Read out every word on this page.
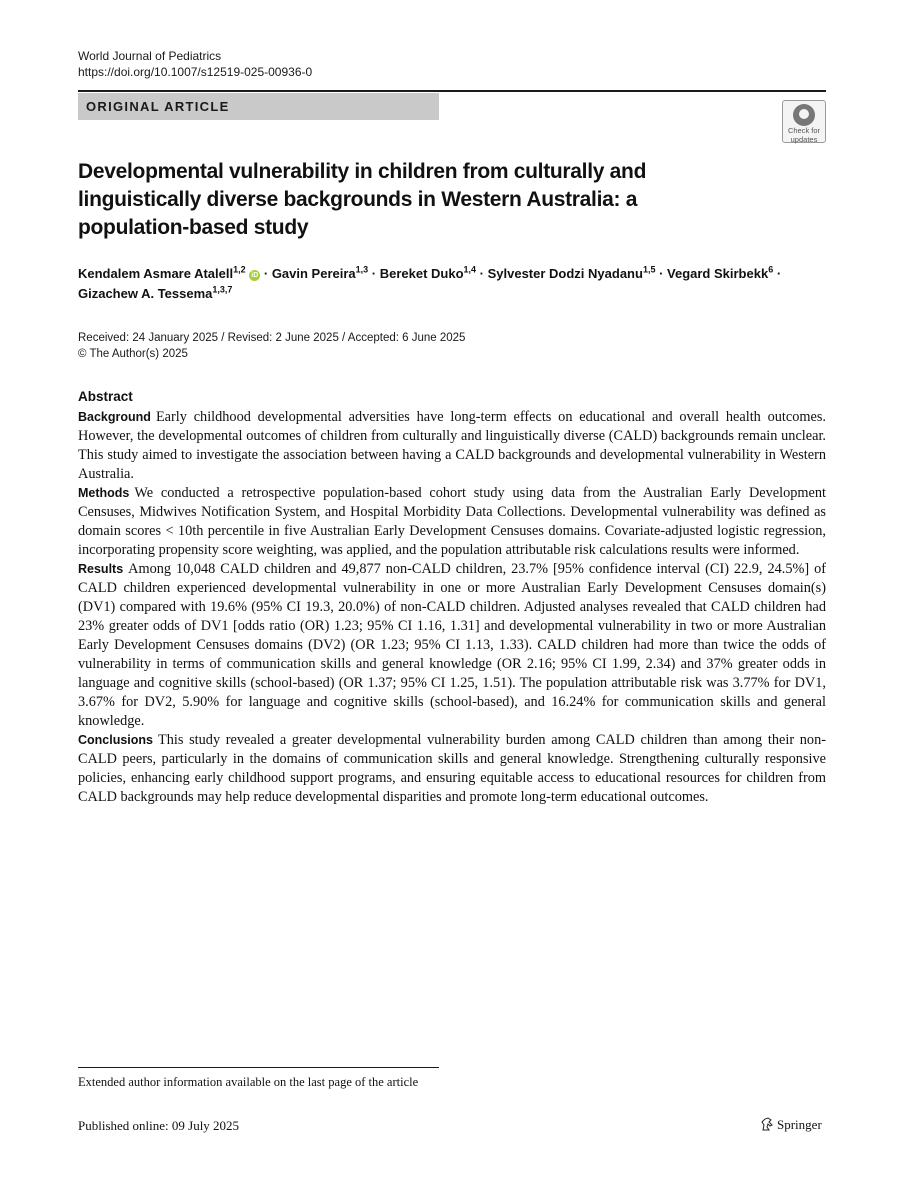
World Journal of Pediatrics
https://doi.org/10.1007/s12519-025-00936-0
ORIGINAL ARTICLE
Check for
updates
Developmental vulnerability in children from culturally and linguistically diverse backgrounds in Western Australia: a population-based study
Kendalem Asmare Atalell$^{1,2}$ iD · Gavin Pereira$^{1,3}$ · Bereket Duko$^{1,4}$ · Sylvester Dodzi Nyadanu$^{1,5}$ · Vegard Skirbekk$^6$ · Gizachew A. Tessema$^{1,3,7}$
Received: 24 January 2025 / Revised: 2 June 2025 / Accepted: 6 June 2025
© The Author(s) 2025
Abstract

Background Early childhood developmental adversities have long-term effects on educational and overall health outcomes. However, the developmental outcomes of children from culturally and linguistically diverse (CALD) backgrounds remain unclear. This study aimed to investigate the association between having a CALD backgrounds and developmental vulnerability in Western Australia.

Methods We conducted a retrospective population-based cohort study using data from the Australian Early Development Censuses, Midwives Notification System, and Hospital Morbidity Data Collections. Developmental vulnerability was defined as domain scores < 10th percentile in five Australian Early Development Censuses domains. Covariate-adjusted logistic regression, incorporating propensity score weighting, was applied, and the population attributable risk calculations results were informed.

Results Among 10,048 CALD children and 49,877 non-CALD children, 23.7% [95% confidence interval (CI) 22.9, 24.5%] of CALD children experienced developmental vulnerability in one or more Australian Early Development Censuses domain(s) (DV1) compared with 19.6% (95% CI 19.3, 20.0%) of non-CALD children. Adjusted analyses revealed that CALD children had 23% greater odds of DV1 [odds ratio (OR) 1.23; 95% CI 1.16, 1.31] and developmental vulnerability in two or more Australian Early Development Censuses domains (DV2) (OR 1.23; 95% CI 1.13, 1.33). CALD children had more than twice the odds of vulnerability in terms of communication skills and general knowledge (OR 2.16; 95% CI 1.99, 2.34) and 37% greater odds in language and cognitive skills (school-based) (OR 1.37; 95% CI 1.25, 1.51). The population attributable risk was 3.77% for DV1, 3.67% for DV2, 5.90% for language and cognitive skills (school-based), and 16.24% for communication skills and general knowledge.

Conclusions This study revealed a greater developmental vulnerability burden among CALD children than among their non-CALD peers, particularly in the domains of communication skills and general knowledge. Strengthening culturally responsive policies, enhancing early childhood support programs, and ensuring equitable access to educational resources for children from CALD backgrounds may help reduce developmental disparities and promote long-term educational outcomes.

Extended author information available on the last page of the article
Published online: 09 July 2025	Springer
